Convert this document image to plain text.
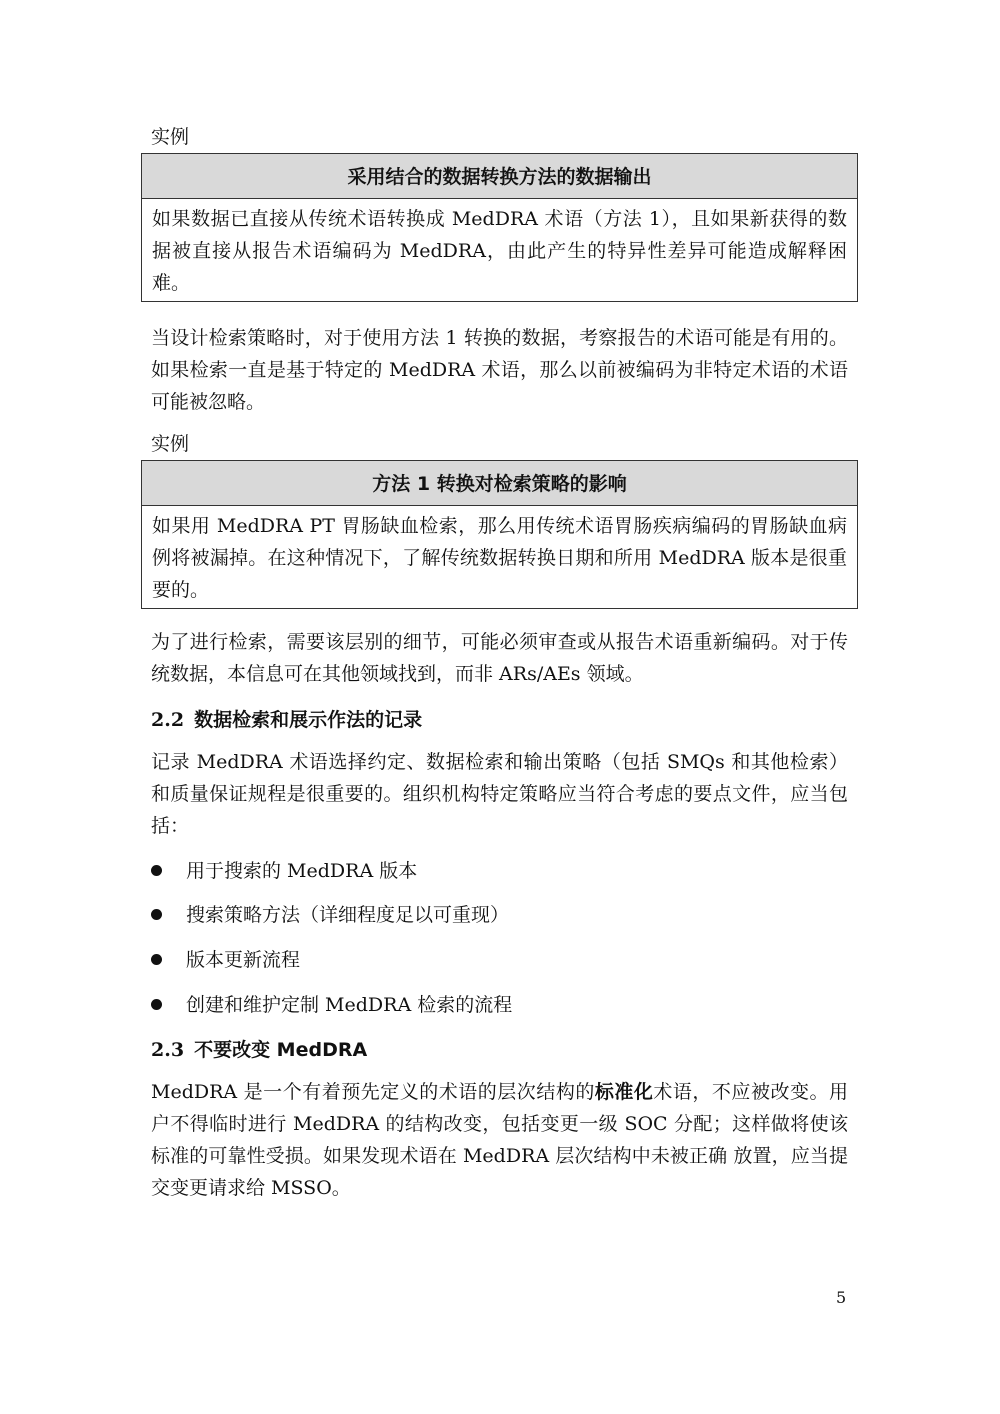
实例
采用结合的数据转换方法的数据输出
如果数据已直接从传统术语转换成 MedDRA 术语（方法 1），且如果新获得的数据被直接从报告术语编码为 MedDRA，由此产生的特异性差异可能造成解释困难。
当设计检索策略时，对于使用方法 1 转换的数据，考察报告的术语可能是有用的。如果检索一直是基于特定的 MedDRA 术语，那么以前被编码为非特定术语的术语可能被忽略。
实例
方法 1 转换对检索策略的影响
如果用 MedDRA PT 胃肠缺血检索，那么用传统术语胃肠疾病编码的胃肠缺血病例将被漏掉。在这种情况下，了解传统数据转换日期和所用 MedDRA 版本是很重要的。
为了进行检索，需要该层别的细节，可能必须审查或从报告术语重新编码。对于传统数据，本信息可在其他领域找到，而非 ARs/AEs 领域。
2.2 数据检索和展示作法的记录
记录 MedDRA 术语选择约定、数据检索和输出策略（包括 SMQs 和其他检索）和质量保证规程是很重要的。组织机构特定策略应当符合考虑的要点文件，应当包括：
用于搜索的 MedDRA 版本
搜索策略方法（详细程度足以可重现）
版本更新流程
创建和维护定制 MedDRA 检索的流程
2.3 不要改变 MedDRA
MedDRA 是一个有着预先定义的术语的层次结构的标准化术语，不应被改变。用户不得临时进行 MedDRA 的结构改变，包括变更一级 SOC 分配；这样做将使该标准的可靠性受损。如果发现术语在 MedDRA 层次结构中未被正确 放置，应当提交变更请求给 MSSO。
5
